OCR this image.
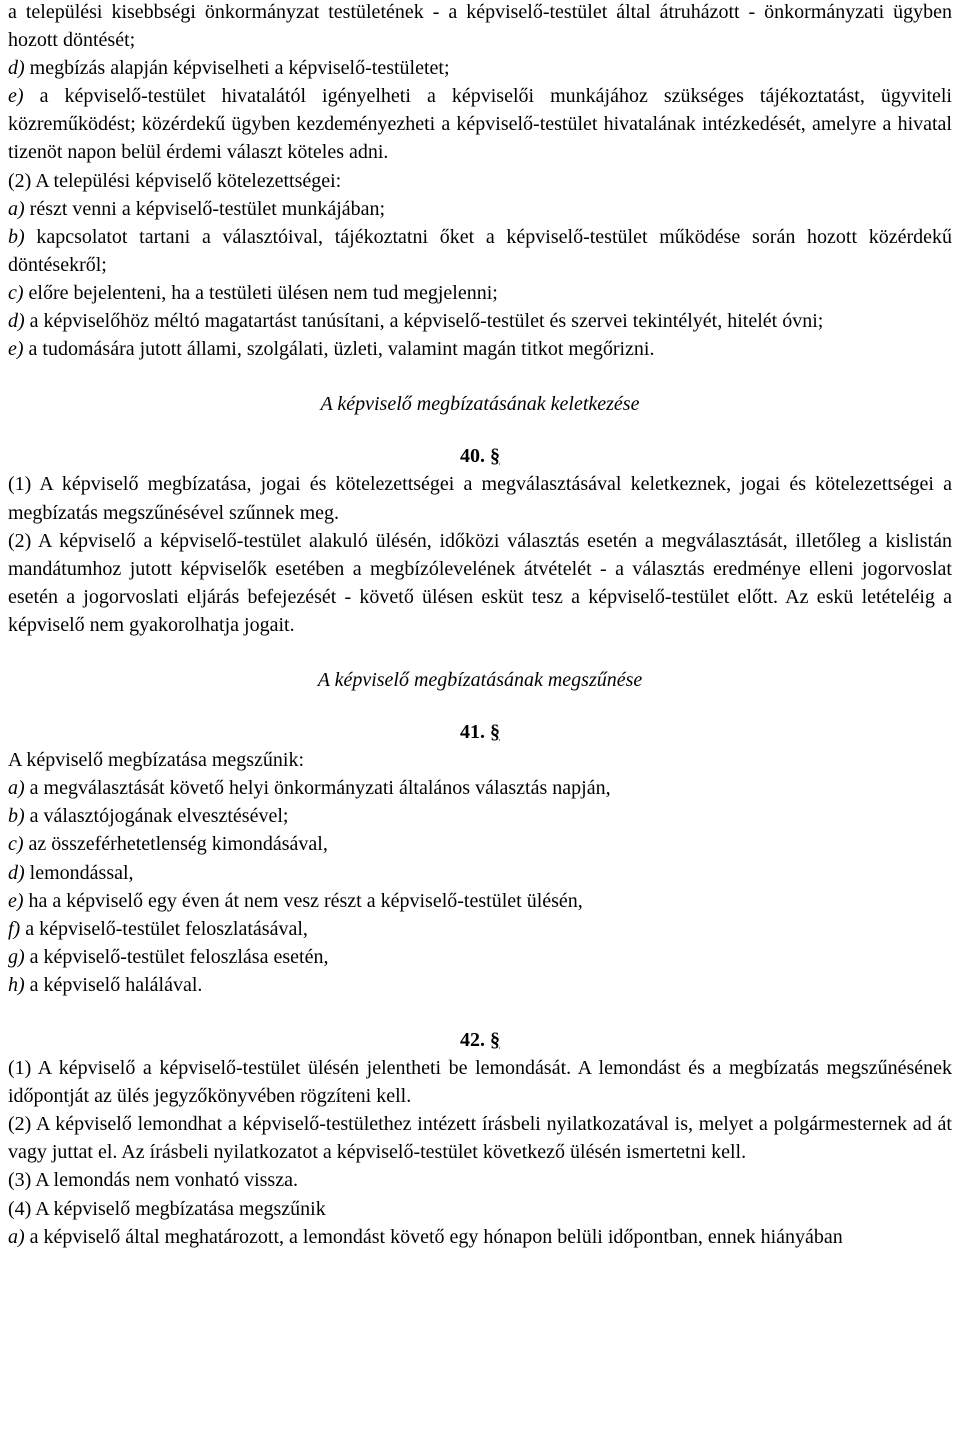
a települési kisebbségi önkormányzat testületének - a képviselő-testület által átruházott - önkormányzati ügyben hozott döntését;

d) megbízás alapján képviselheti a képviselő-testületet;

e) a képviselő-testület hivatalától igényelheti a képviselői munkájához szükséges tájékoztatást, ügyviteli közreműködést; közérdekű ügyben kezdeményezheti a képviselő-testület hivatalának intézkedését, amelyre a hivatal tizenöt napon belül érdemi választ köteles adni.

(2) A települési képviselő kötelezettségei:

a) részt venni a képviselő-testület munkájában;

b) kapcsolatot tartani a választóival, tájékoztatni őket a képviselő-testület működése során hozott közérdekű döntésekről;

c) előre bejelenteni, ha a testületi ülésen nem tud megjelenni;

d) a képviselőhöz méltó magatartást tanúsítani, a képviselő-testület és szervei tekintélyét, hitelét óvni;

e) a tudomására jutott állami, szolgálati, üzleti, valamint magán titkot megőrizni.

A képviselő megbízatásának keletkezése

40. §

(1) A képviselő megbízatása, jogai és kötelezettségei a megválasztásával keletkeznek, jogai és kötelezettségei a megbízatás megszűnésével szűnnek meg.

(2) A képviselő a képviselő-testület alakuló ülésén, időközi választás esetén a megválasztását, illetőleg a kislistán mandátumhoz jutott képviselők esetében a megbízólevelének átvételét - a választás eredménye elleni jogorvoslat esetén a jogorvoslati eljárás befejezését - követő ülésen esküt tesz a képviselő-testület előtt. Az eskü letételéig a képviselő nem gyakorolhatja jogait.

A képviselő megbízatásának megszűnése

41. §

A képviselő megbízatása megszűnik:

a) a megválasztását követő helyi önkormányzati általános választás napján,

b) a választójogának elvesztésével;

c) az összeférhetetlenség kimondásával,

d) lemondással,

e) ha a képviselő egy éven át nem vesz részt a képviselő-testület ülésén,

f) a képviselő-testület feloszlatásával,

g) a képviselő-testület feloszlása esetén,

h) a képviselő halálával.

42. §

(1) A képviselő a képviselő-testület ülésén jelentheti be lemondását. A lemondást és a megbízatás megszűnésének időpontját az ülés jegyzőkönyvében rögzíteni kell.

(2) A képviselő lemondhat a képviselő-testülethez intézett írásbeli nyilatkozatával is, melyet a polgármesternek ad át vagy juttat el. Az írásbeli nyilatkozatot a képviselő-testület következő ülésén ismertetni kell.

(3) A lemondás nem vonható vissza.

(4) A képviselő megbízatása megszűnik

a) a képviselő által meghatározott, a lemondást követő egy hónapon belüli időpontban, ennek hiányában
